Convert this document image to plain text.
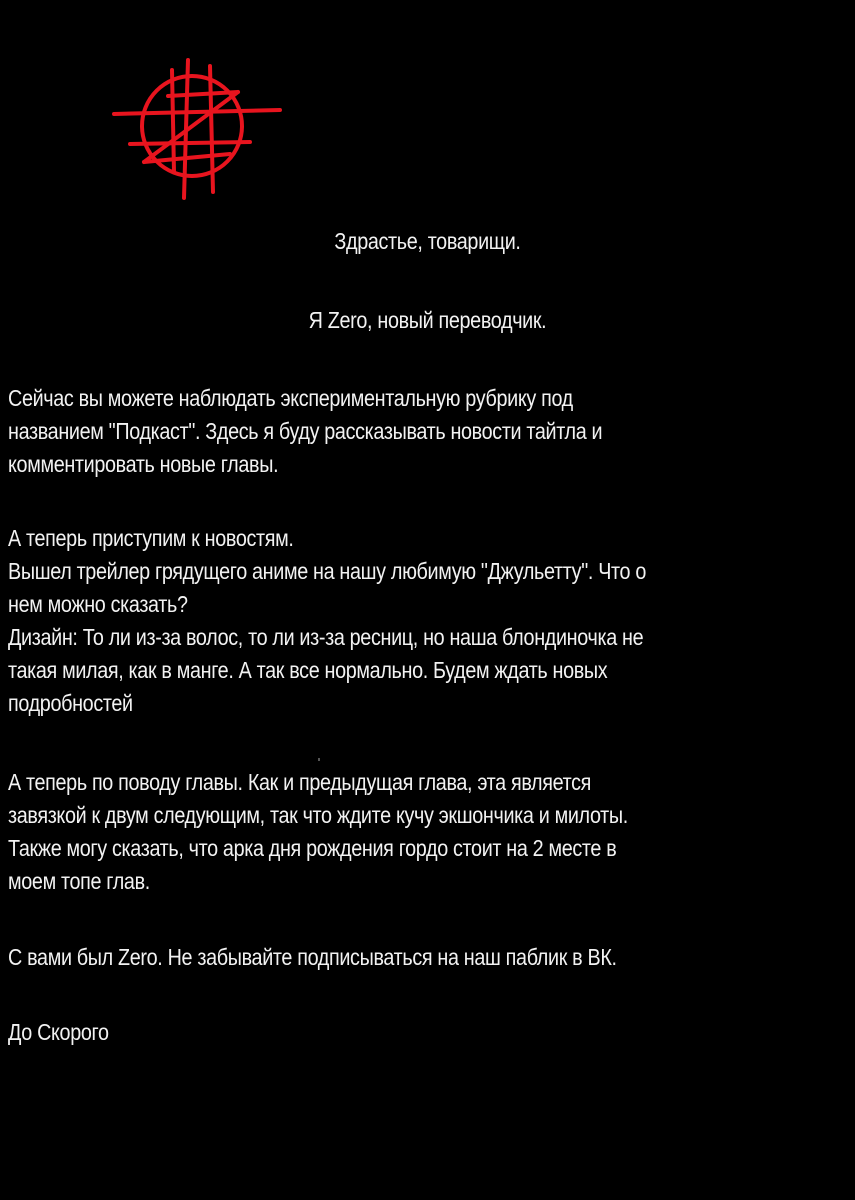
Здрастье, товарищи.
Я Zero, новый переводчик.

Сейчас вы можете наблюдать экспериментальную рубрику под
названием "Подкаст". Здесь я буду рассказывать новости тайтла и
комментировать новые главы.

А теперь приступим к новостям.
Вышел трейлер грядущего аниме на нашу любимую "Джульетту". Что о
нем можно сказать?
Дизайн: То ли из-за волос, то ли из-за ресниц, но наша блондиночка не
такая милая, как в манге. А так все нормально. Будем ждать новых
подробностей

А теперь по поводу главы. Как и предыдущая глава, эта является
завязкой к двум следующим, так что ждите кучу экшончика и милоты.
Также могу сказать, что арка дня рождения гордо стоит на 2 месте в
моем топе глав.

С вами был Zero. Не забывайте подписываться на наш паблик в ВК.

До Скорого
